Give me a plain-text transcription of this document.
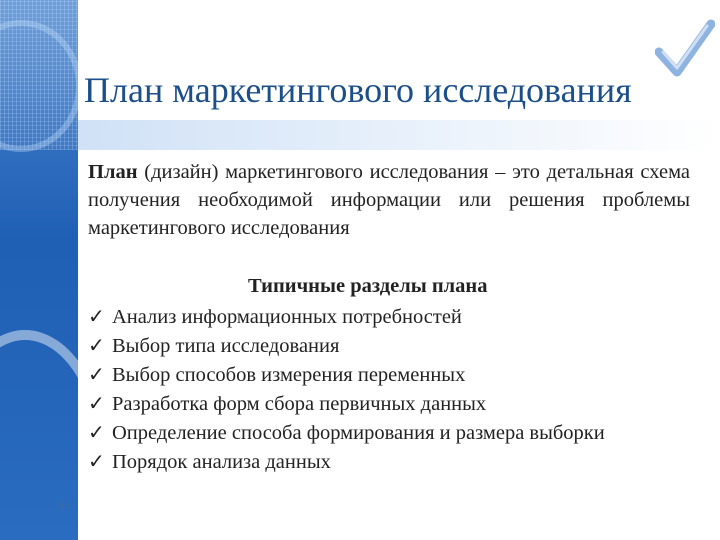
План маркетингового исследования
План (дизайн) маркетингового исследования – это детальная схема получения необходимой информации или решения проблемы маркетингового исследования
Типичные разделы плана
✓ Анализ информационных потребностей
✓ Выбор типа исследования
✓ Выбор способов измерения переменных
✓ Разработка форм сбора первичных данных
✓ Определение способа формирования и размера выборки
✓ Порядок анализа данных
45
